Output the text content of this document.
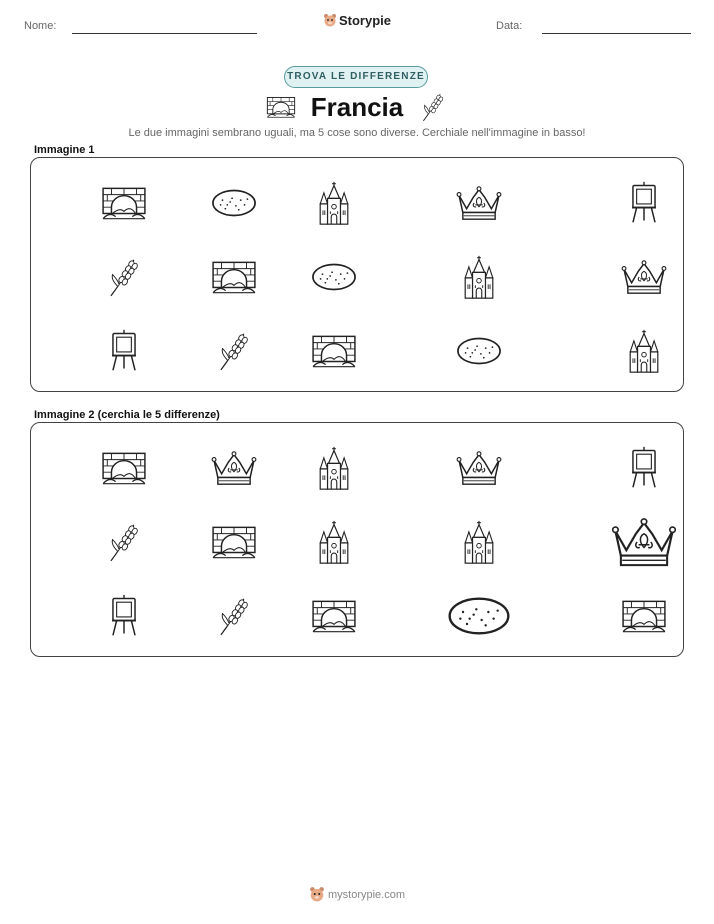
Nome:	Storypie	Data:
TROVA LE DIFFERENZE
Francia
Le due immagini sembrano uguali, ma 5 cose sono diverse. Cerchiale nell'immagine in basso!
Immagine 1
Immagine 2 (cerchia le 5 differenze)
mystorypie.com
